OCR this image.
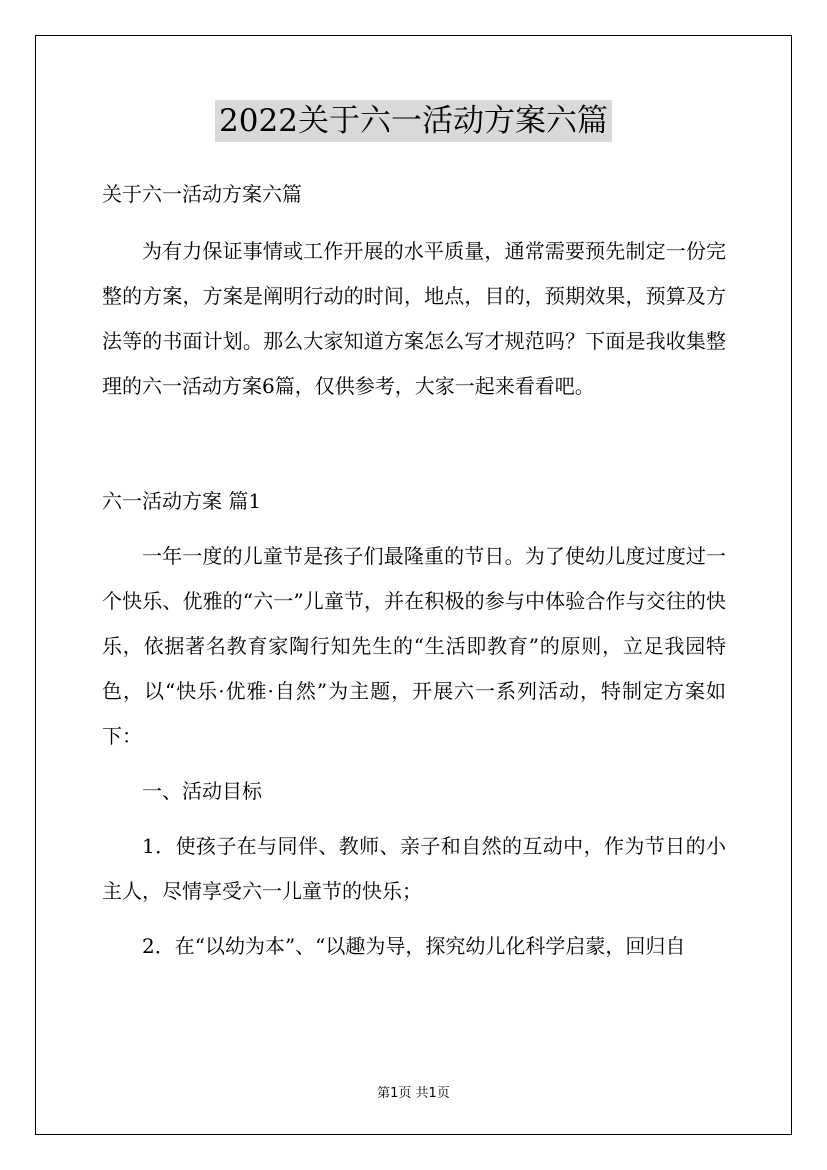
2022关于六一活动方案六篇

关于六一活动方案六篇

为有力保证事情或工作开展的水平质量，通常需要预先制定一份完整的方案，方案是阐明行动的时间，地点，目的，预期效果，预算及方法等的书面计划。那么大家知道方案怎么写才规范吗？下面是我收集整理的六一活动方案6篇，仅供参考，大家一起来看看吧。

六一活动方案 篇1

一年一度的儿童节是孩子们最隆重的节日。为了使幼儿度过度过一个快乐、优雅的“六一”儿童节，并在积极的参与中体验合作与交往的快乐，依据著名教育家陶行知先生的“生活即教育”的原则，立足我园特色，以“快乐·优雅·自然”为主题，开展六一系列活动，特制定方案如下：

一、活动目标

1．使孩子在与同伴、教师、亲子和自然的互动中，作为节日的小主人，尽情享受六一儿童节的快乐；

2．在“以幼为本”、“以趣为导，探究幼儿化科学启蒙，回归自

第1页 共1页
